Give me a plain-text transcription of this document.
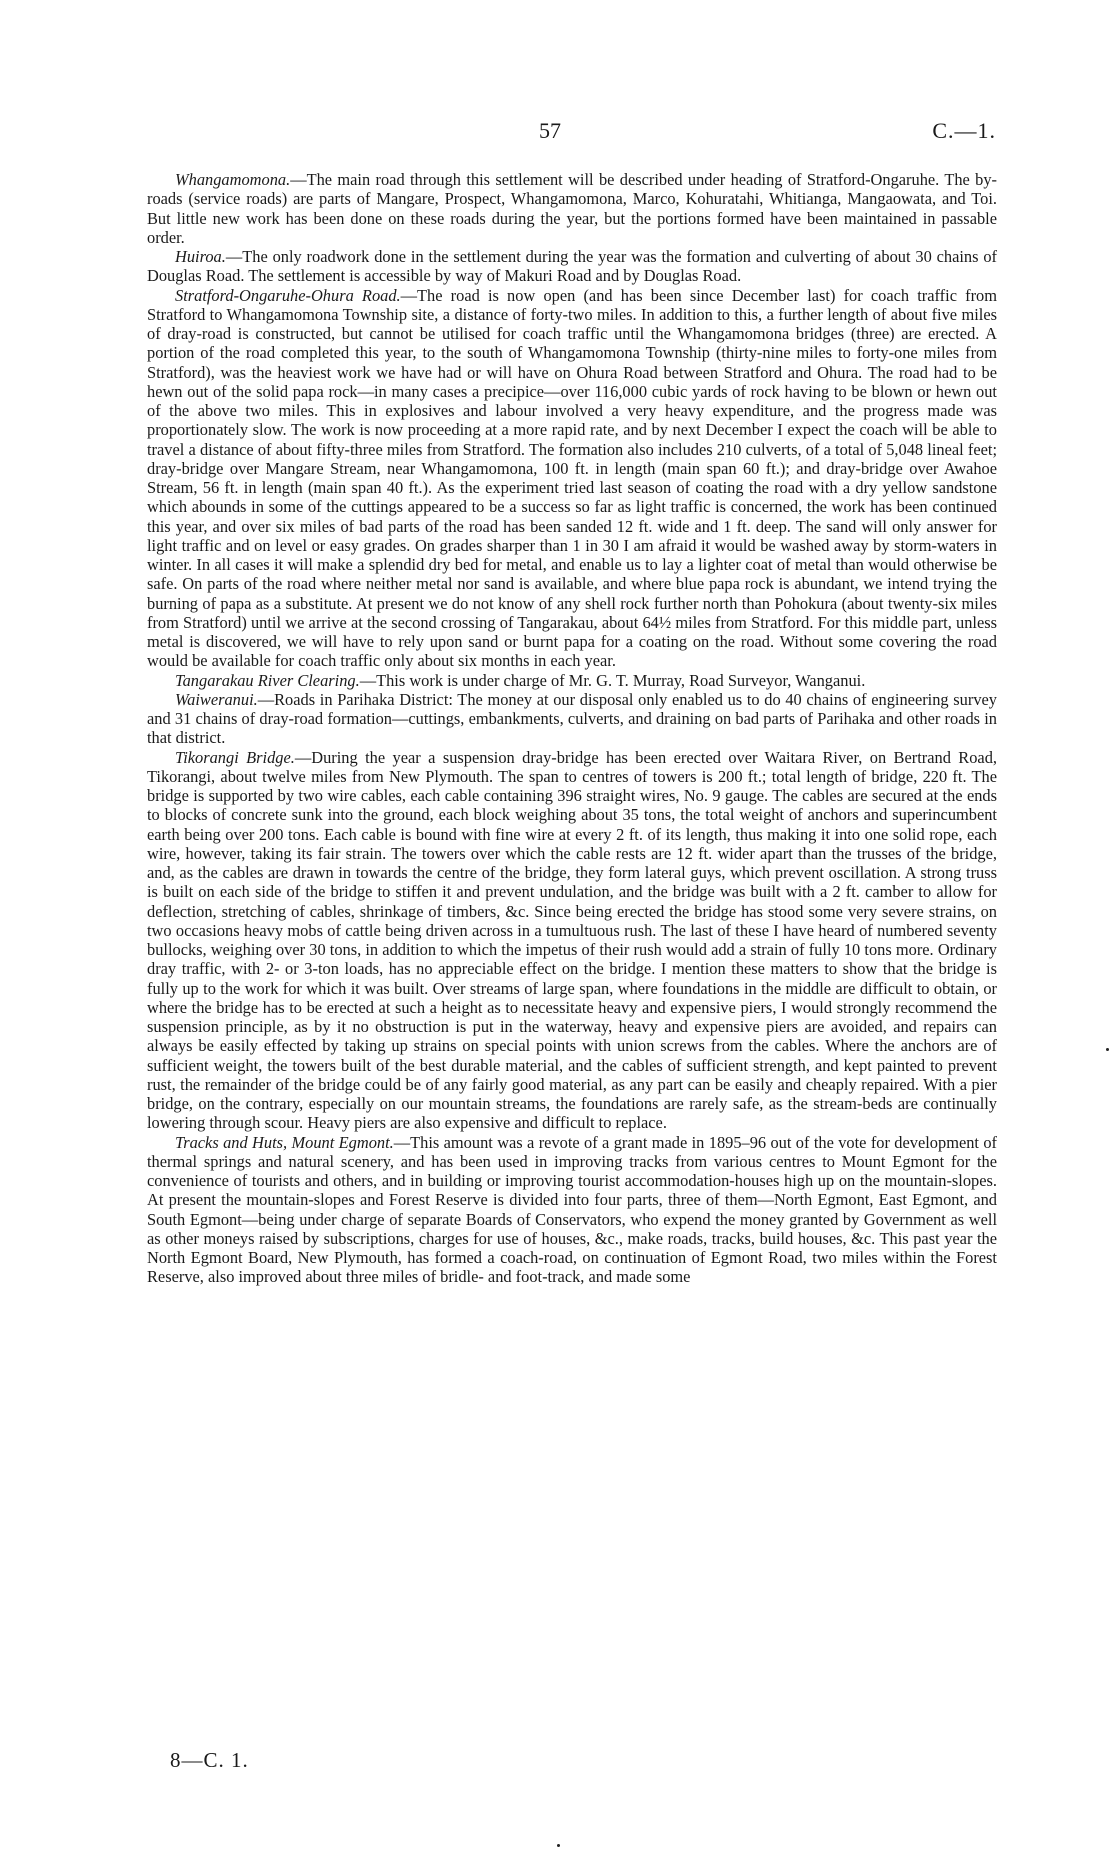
57	C.—1.

Whangamomona.—The main road through this settlement will be described under heading of Stratford-Ongaruhe. The by-roads (service roads) are parts of Mangare, Prospect, Whangamomona, Marco, Kohuratahi, Whitianga, Mangaowata, and Toi. But little new work has been done on these roads during the year, but the portions formed have been maintained in passable order.

Huiroa.—The only roadwork done in the settlement during the year was the formation and culverting of about 30 chains of Douglas Road. The settlement is accessible by way of Makuri Road and by Douglas Road.

Stratford-Ongaruhe-Ohura Road.—The road is now open (and has been since December last) for coach traffic from Stratford to Whangamomona Township site, a distance of forty-two miles. In addition to this, a further length of about five miles of dray-road is constructed, but cannot be utilised for coach traffic until the Whangamomona bridges (three) are erected. A portion of the road completed this year, to the south of Whangamomona Township (thirty-nine miles to forty-one miles from Stratford), was the heaviest work we have had or will have on Ohura Road between Stratford and Ohura. The road had to be hewn out of the solid papa rock—in many cases a precipice—over 116,000 cubic yards of rock having to be blown or hewn out of the above two miles. This in explosives and labour involved a very heavy expenditure, and the progress made was proportionately slow. The work is now proceeding at a more rapid rate, and by next December I expect the coach will be able to travel a distance of about fifty-three miles from Stratford. The formation also includes 210 culverts, of a total of 5,048 lineal feet; dray-bridge over Mangare Stream, near Whangamomona, 100 ft. in length (main span 60 ft.); and dray-bridge over Awahoe Stream, 56 ft. in length (main span 40 ft.). As the experiment tried last season of coating the road with a dry yellow sandstone which abounds in some of the cuttings appeared to be a success so far as light traffic is concerned, the work has been continued this year, and over six miles of bad parts of the road has been sanded 12 ft. wide and 1 ft. deep. The sand will only answer for light traffic and on level or easy grades. On grades sharper than 1 in 30 I am afraid it would be washed away by storm-waters in winter. In all cases it will make a splendid dry bed for metal, and enable us to lay a lighter coat of metal than would otherwise be safe. On parts of the road where neither metal nor sand is available, and where blue papa rock is abundant, we intend trying the burning of papa as a substitute. At present we do not know of any shell rock further north than Pohokura (about twenty-six miles from Stratford) until we arrive at the second crossing of Tangarakau, about 64½ miles from Stratford. For this middle part, unless metal is discovered, we will have to rely upon sand or burnt papa for a coating on the road. Without some covering the road would be available for coach traffic only about six months in each year.

Tangarakau River Clearing.—This work is under charge of Mr. G. T. Murray, Road Surveyor, Wanganui.

Waiweranui.—Roads in Parihaka District: The money at our disposal only enabled us to do 40 chains of engineering survey and 31 chains of dray-road formation—cuttings, embankments, culverts, and draining on bad parts of Parihaka and other roads in that district.

Tikorangi Bridge.—During the year a suspension dray-bridge has been erected over Waitara River, on Bertrand Road, Tikorangi, about twelve miles from New Plymouth. The span to centres of towers is 200 ft.; total length of bridge, 220 ft. The bridge is supported by two wire cables, each cable containing 396 straight wires, No. 9 gauge. The cables are secured at the ends to blocks of concrete sunk into the ground, each block weighing about 35 tons, the total weight of anchors and superincumbent earth being over 200 tons. Each cable is bound with fine wire at every 2 ft. of its length, thus making it into one solid rope, each wire, however, taking its fair strain. The towers over which the cable rests are 12 ft. wider apart than the trusses of the bridge, and, as the cables are drawn in towards the centre of the bridge, they form lateral guys, which prevent oscillation. A strong truss is built on each side of the bridge to stiffen it and prevent undulation, and the bridge was built with a 2 ft. camber to allow for deflection, stretching of cables, shrinkage of timbers, &c. Since being erected the bridge has stood some very severe strains, on two occasions heavy mobs of cattle being driven across in a tumultuous rush. The last of these I have heard of numbered seventy bullocks, weighing over 30 tons, in addition to which the impetus of their rush would add a strain of fully 10 tons more. Ordinary dray traffic, with 2- or 3-ton loads, has no appreciable effect on the bridge. I mention these matters to show that the bridge is fully up to the work for which it was built. Over streams of large span, where foundations in the middle are difficult to obtain, or where the bridge has to be erected at such a height as to necessitate heavy and expensive piers, I would strongly recommend the suspension principle, as by it no obstruction is put in the waterway, heavy and expensive piers are avoided, and repairs can always be easily effected by taking up strains on special points with union screws from the cables. Where the anchors are of sufficient weight, the towers built of the best durable material, and the cables of sufficient strength, and kept painted to prevent rust, the remainder of the bridge could be of any fairly good material, as any part can be easily and cheaply repaired. With a pier bridge, on the contrary, especially on our mountain streams, the foundations are rarely safe, as the stream-beds are continually lowering through scour. Heavy piers are also expensive and difficult to replace.

Tracks and Huts, Mount Egmont.—This amount was a revote of a grant made in 1895–96 out of the vote for development of thermal springs and natural scenery, and has been used in improving tracks from various centres to Mount Egmont for the convenience of tourists and others, and in building or improving tourist accommodation-houses high up on the mountain-slopes. At present the mountain-slopes and Forest Reserve is divided into four parts, three of them—North Egmont, East Egmont, and South Egmont—being under charge of separate Boards of Conservators, who expend the money granted by Government as well as other moneys raised by subscriptions, charges for use of houses, &c., make roads, tracks, build houses, &c. This past year the North Egmont Board, New Plymouth, has formed a coach-road, on continuation of Egmont Road, two miles within the Forest Reserve, also improved about three miles of bridle- and foot-track, and made some

8—C. 1.
